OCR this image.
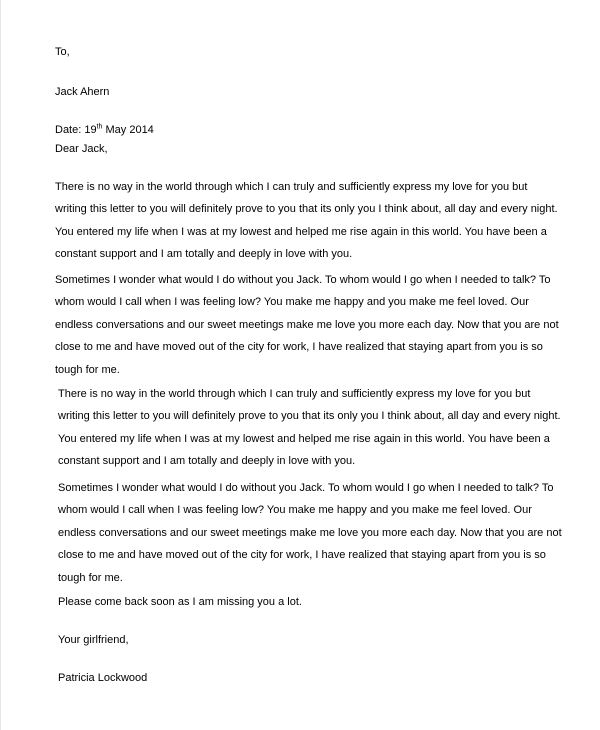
To,
Jack Ahern
Date: 19th May 2014
Dear Jack,
There is no way in the world through which I can truly and sufficiently express my love for you but
writing this letter to you will definitely prove to you that its only you I think about, all day and every night.
You entered my life when I was at my lowest and helped me rise again in this world. You have been a
constant support and I am totally and deeply in love with you.
Sometimes I wonder what would I do without you Jack. To whom would I go when I needed to talk? To
whom would I call when I was feeling low? You make me happy and you make me feel loved. Our
endless conversations and our sweet meetings make me love you more each day. Now that you are not
close to me and have moved out of the city for work, I have realized that staying apart from you is so
tough for me.
There is no way in the world through which I can truly and sufficiently express my love for you but
writing this letter to you will definitely prove to you that its only you I think about, all day and every night.
You entered my life when I was at my lowest and helped me rise again in this world. You have been a
constant support and I am totally and deeply in love with you.
Sometimes I wonder what would I do without you Jack. To whom would I go when I needed to talk? To
whom would I call when I was feeling low? You make me happy and you make me feel loved. Our
endless conversations and our sweet meetings make me love you more each day. Now that you are not
close to me and have moved out of the city for work, I have realized that staying apart from you is so
tough for me.
Please come back soon as I am missing you a lot.
Your girlfriend,
Patricia Lockwood
